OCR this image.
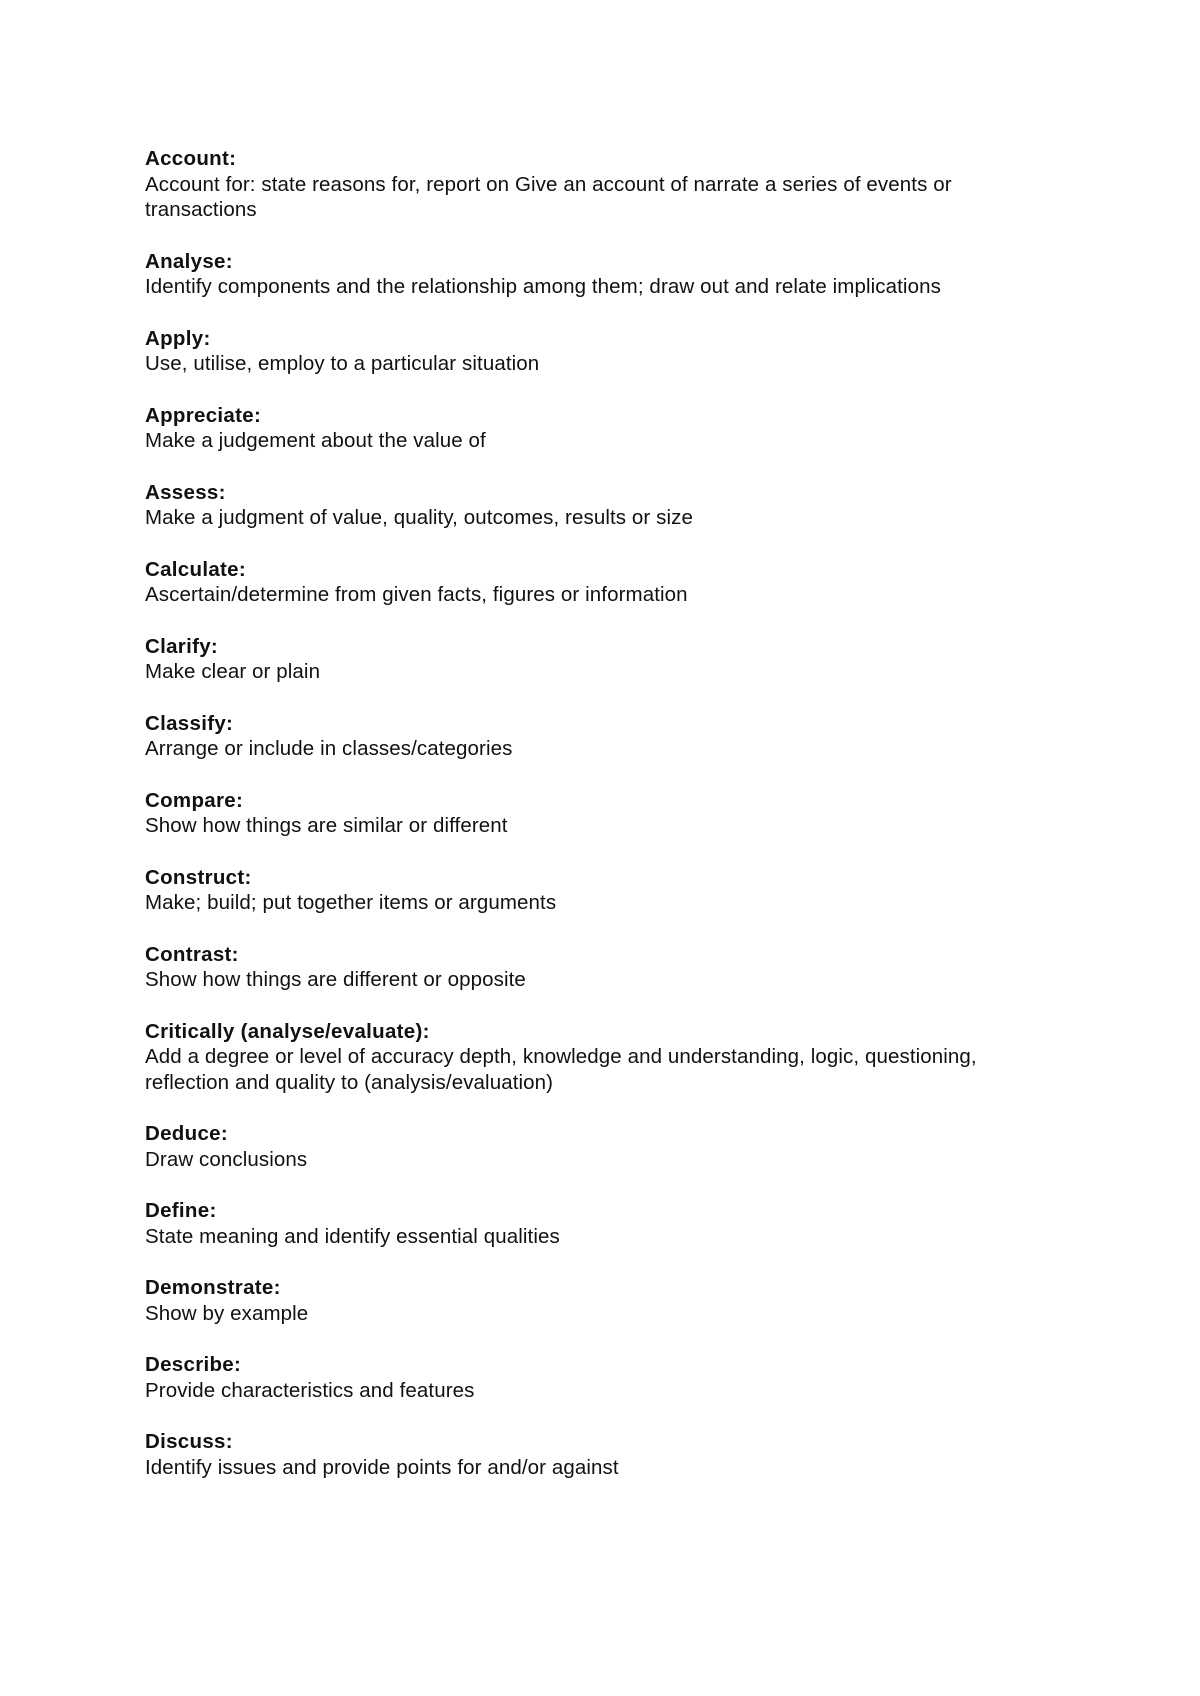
Account:
Account for: state reasons for, report on Give an account of narrate a series of events or transactions
Analyse:
Identify components and the relationship among them; draw out and relate implications
Apply:
Use, utilise, employ to a particular situation
Appreciate:
Make a judgement about the value of
Assess:
Make a judgment of value, quality, outcomes, results or size
Calculate:
Ascertain/determine from given facts, figures or information
Clarify:
Make clear or plain
Classify:
Arrange or include in classes/categories
Compare:
Show how things are similar or different
Construct:
Make; build; put together items or arguments
Contrast:
Show how things are different or opposite
Critically (analyse/evaluate):
Add a degree or level of accuracy depth, knowledge and understanding, logic, questioning, reflection and quality to (analysis/evaluation)
Deduce:
Draw conclusions
Define:
State meaning and identify essential qualities
Demonstrate:
Show by example
Describe:
Provide characteristics and features
Discuss:
Identify issues and provide points for and/or against
